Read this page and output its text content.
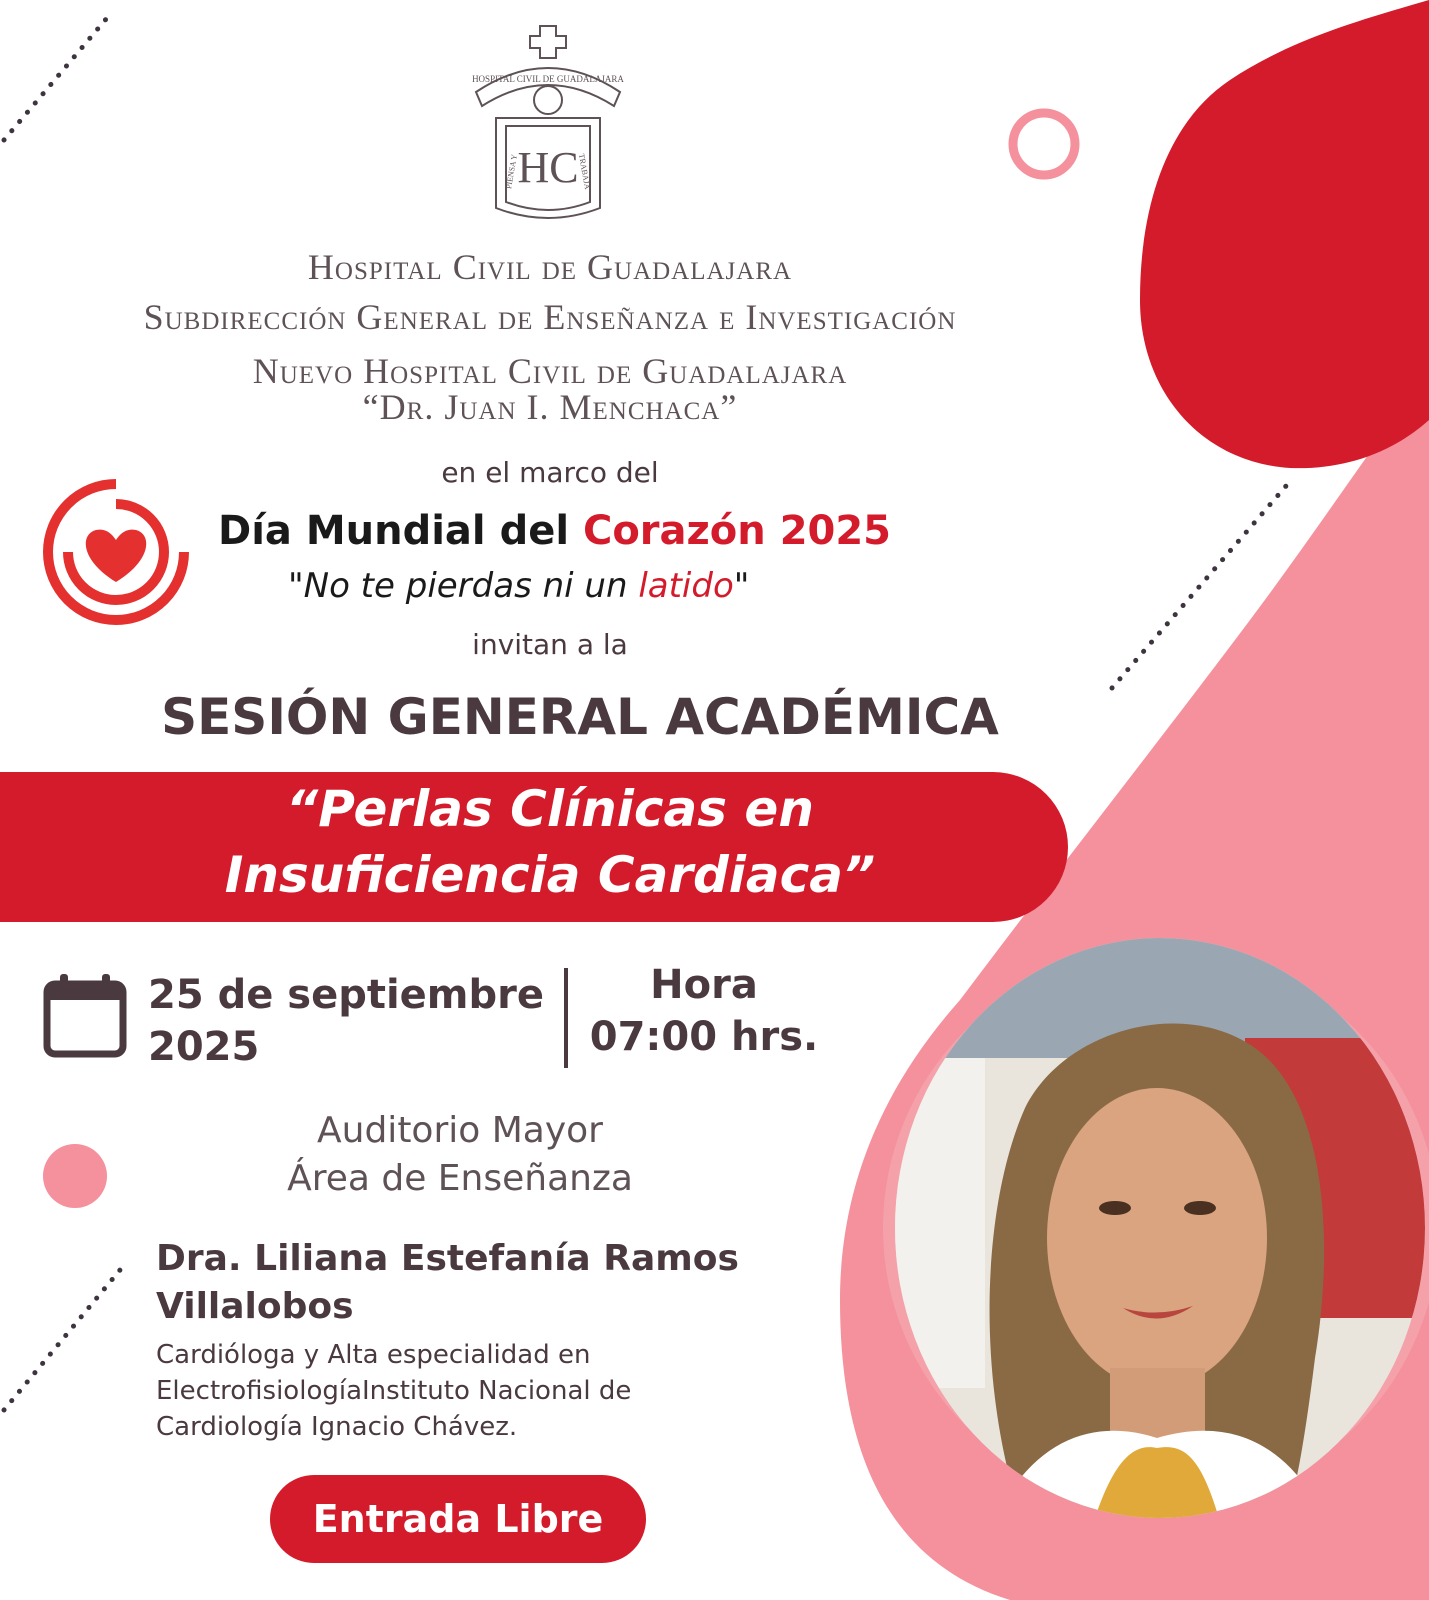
HOSPITAL CIVIL DE GUADALAJARA
HC
PIENSA Y	TRABAJA
Hospital Civil de Guadalajara
Subdirección General de Enseñanza e Investigación
Nuevo Hospital Civil de Guadalajara
“Dr. Juan I. Menchaca”
en el marco del
Día Mundial del Corazón 2025
"No te pierdas ni un latido"
invitan a la
SESIÓN GENERAL ACADÉMICA
“Perlas Clínicas en
Insuficiencia Cardiaca”
25 de septiembre
2025
Hora
07:00 hrs.
Auditorio Mayor
Área de Enseñanza
Dra. Liliana Estefanía Ramos
Villalobos
Cardióloga y Alta especialidad en
ElectrofisiologíaInstituto Nacional de
Cardiología Ignacio Chávez.
Entrada Libre
